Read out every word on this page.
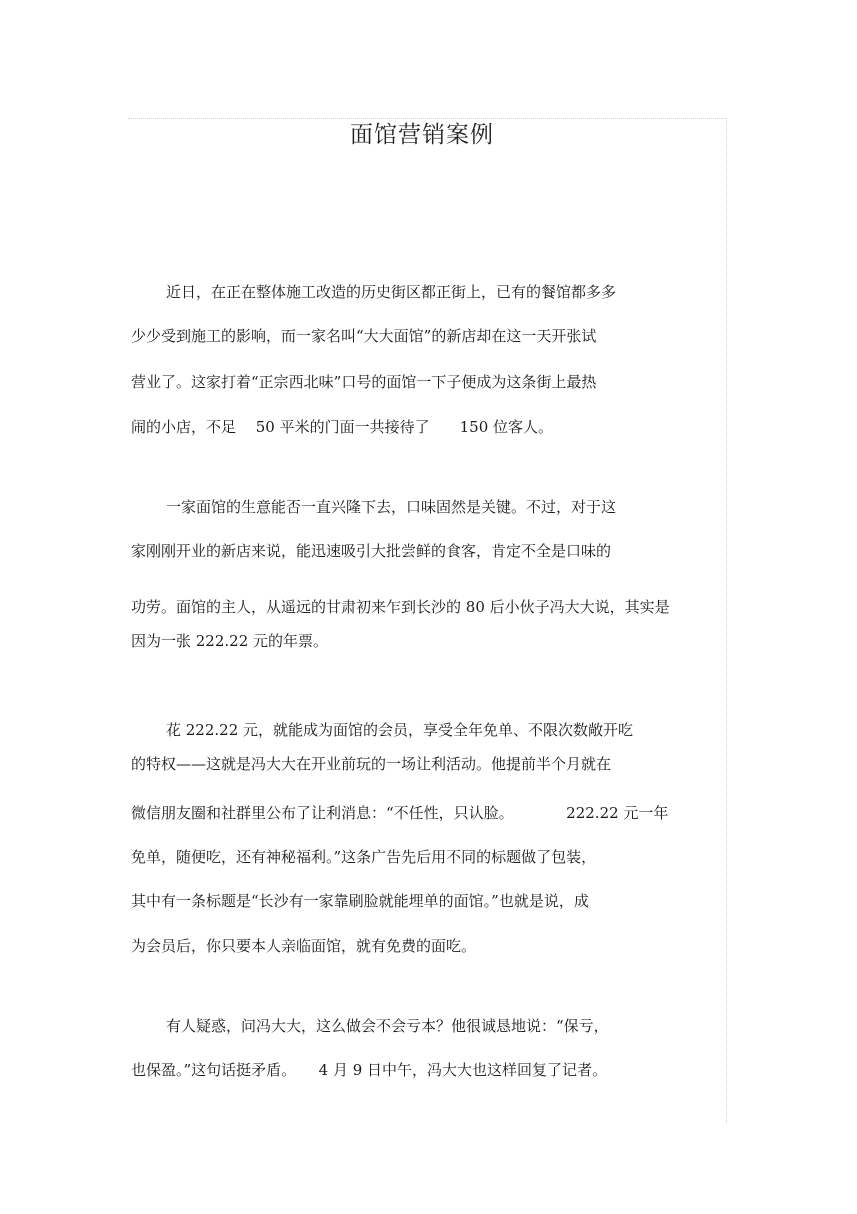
面馆营销案例
近日，在正在整体施工改造的历史街区都正街上，已有的餐馆都多多
少少受到施工的影响，而一家名叫“大大面馆”的新店却在这一天开张试
营业了。这家打着“正宗西北味”口号的面馆一下子便成为这条街上最热
闹的小店，不足　 50 平米的门面一共接待了　　150 位客人。
一家面馆的生意能否一直兴隆下去，口味固然是关键。不过，对于这
家刚刚开业的新店来说，能迅速吸引大批尝鲜的食客，肯定不全是口味的
功劳。面馆的主人，从遥远的甘肃初来乍到长沙的 80 后小伙子冯大大说，其实是
因为一张 222.22 元的年票。
花 222.22 元，就能成为面馆的会员，享受全年免单、不限次数敞开吃
的特权——这就是冯大大在开业前玩的一场让利活动。他提前半个月就在
微信朋友圈和社群里公布了让利消息：“不任性，只认脸。　　　　222.22 元一年
免单，随便吃，还有神秘福利。”这条广告先后用不同的标题做了包装，
其中有一条标题是“长沙有一家靠刷脸就能埋单的面馆。”也就是说，成
为会员后，你只要本人亲临面馆，就有免费的面吃。
有人疑惑，问冯大大，这么做会不会亏本？他很诚恳地说：“保亏，
也保盈。”这句话挺矛盾。　　4 月 9 日中午，冯大大也这样回复了记者。
